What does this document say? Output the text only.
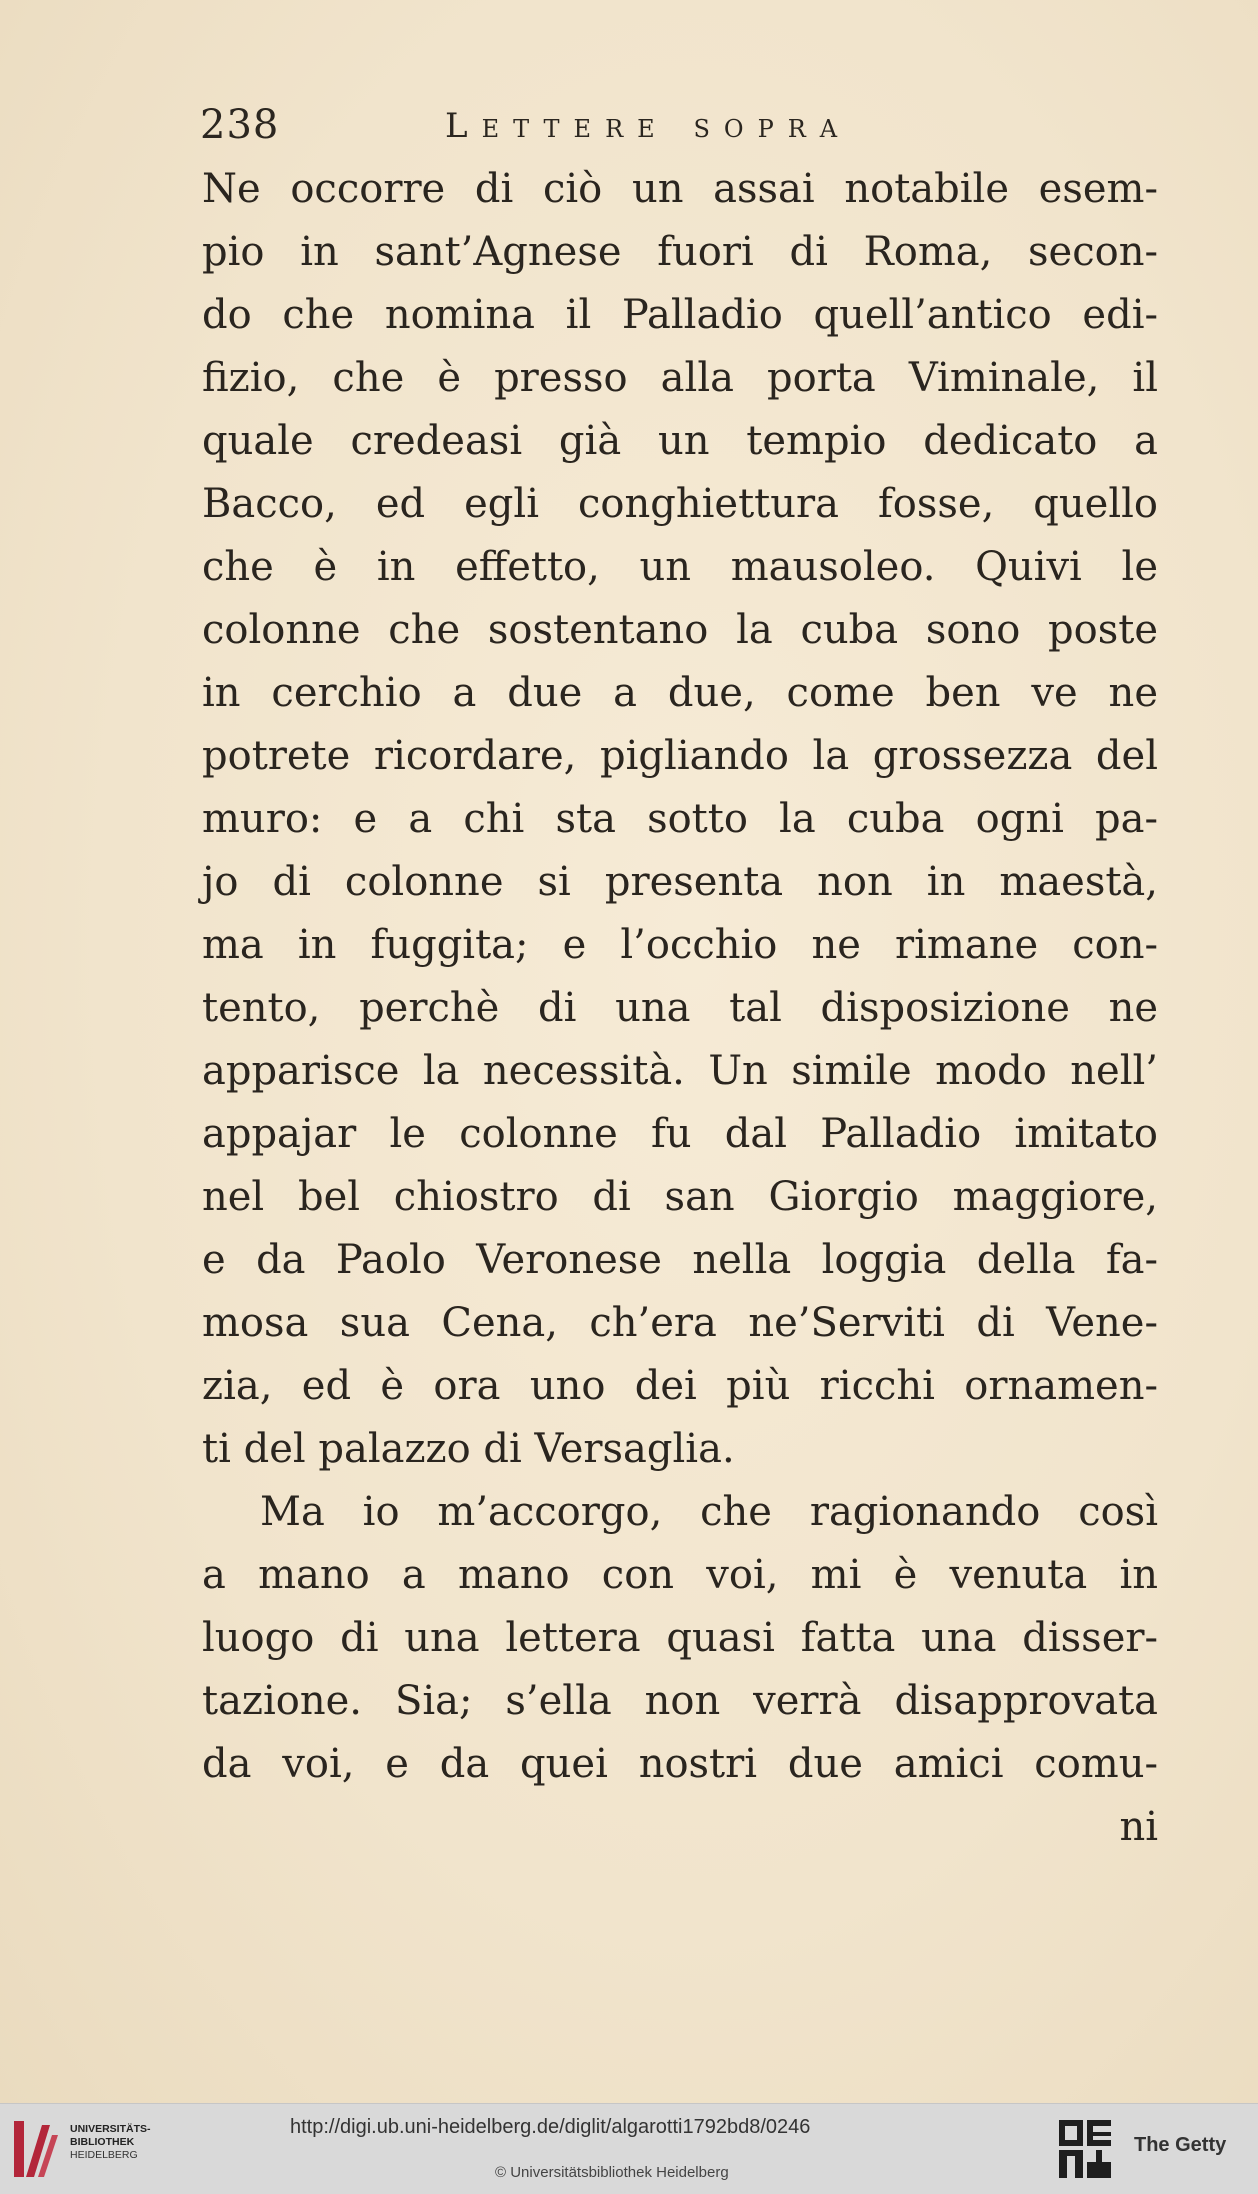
238	Lettere sopra
Ne occorre di ciò un assai notabile esem-
pio in sant’Agnese fuori di Roma, secon-
do che nomina il Palladio quell’antico edi-
fizio, che è presso alla porta Viminale, il
quale credeasi già un tempio dedicato a
Bacco, ed egli conghiettura fosse, quello
che è in effetto, un mausoleo. Quivi le
colonne che sostentano la cuba sono poste
in cerchio a due a due, come ben ve ne
potrete ricordare, pigliando la grossezza del
muro: e a chi sta sotto la cuba ogni pa-
jo di colonne si presenta non in maestà,
ma in fuggita; e l’occhio ne rimane con-
tento, perchè di una tal disposizione ne
apparisce la necessità. Un simile modo nell’
appajar le colonne fu dal Palladio imitato
nel bel chiostro di san Giorgio maggiore,
e da Paolo Veronese nella loggia della fa-
mosa sua Cena, ch’era ne’Serviti di Vene-
zia, ed è ora uno dei più ricchi ornamen-
ti del palazzo di Versaglia.
Ma io m’accorgo, che ragionando così
a mano a mano con voi, mi è venuta in
luogo di una lettera quasi fatta una disser-
tazione. Sia; s’ella non verrà disapprovata
da voi, e da quei nostri due amici comu-
ni
UNIVERSITÄTS-
BIBLIOTHEK
HEIDELBERG
http://digi.ub.uni-heidelberg.de/diglit/algarotti1792bd8/0246
© Universitätsbibliothek Heidelberg
The Getty
